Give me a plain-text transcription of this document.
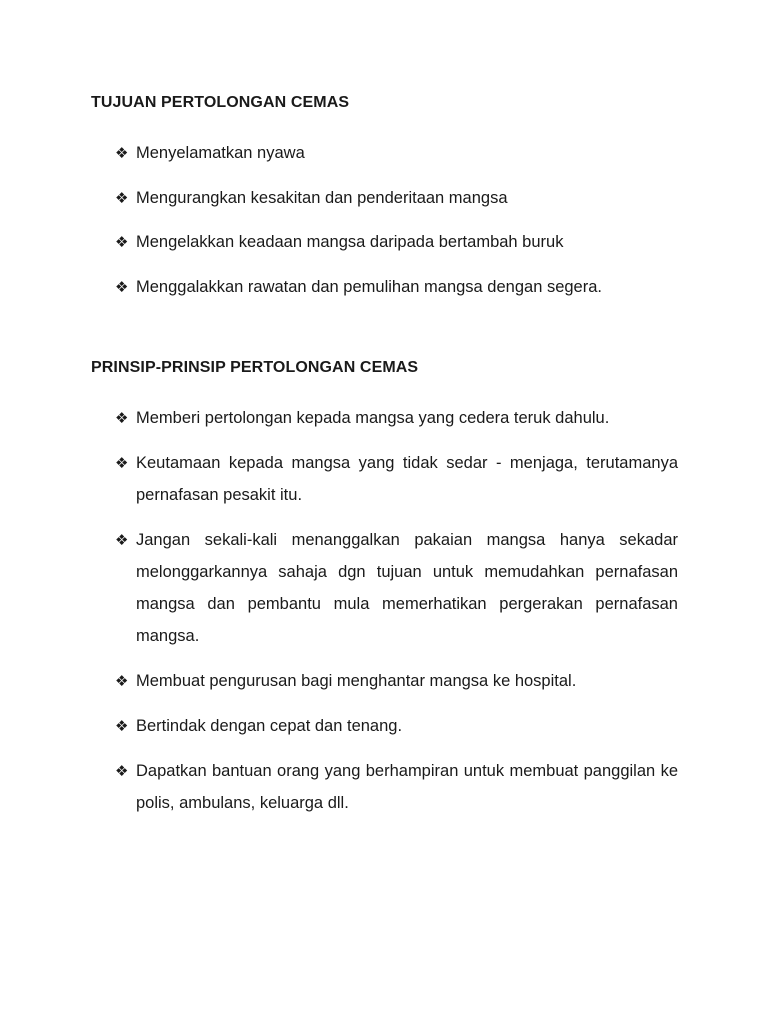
TUJUAN PERTOLONGAN CEMAS
❖ Menyelamatkan nyawa
❖ Mengurangkan kesakitan dan penderitaan mangsa
❖ Mengelakkan keadaan mangsa daripada bertambah buruk
❖ Menggalakkan rawatan dan pemulihan mangsa dengan segera.
PRINSIP-PRINSIP PERTOLONGAN CEMAS
❖ Memberi pertolongan kepada mangsa yang cedera teruk dahulu.
❖ Keutamaan kepada mangsa yang tidak sedar - menjaga, terutamanya pernafasan pesakit itu.
❖ Jangan sekali-kali menanggalkan pakaian mangsa hanya sekadar melonggarkannya sahaja dgn tujuan untuk memudahkan pernafasan mangsa dan pembantu mula memerhatikan pergerakan pernafasan mangsa.
❖ Membuat pengurusan bagi menghantar mangsa ke hospital.
❖ Bertindak dengan cepat dan tenang.
❖ Dapatkan bantuan orang yang berhampiran untuk membuat panggilan ke polis, ambulans, keluarga dll.
